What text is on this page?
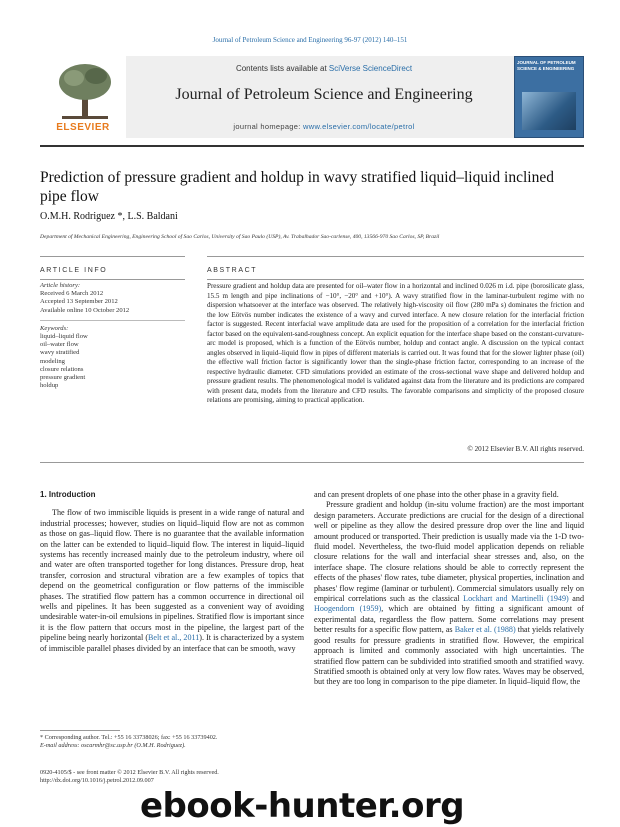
Journal of Petroleum Science and Engineering 96-97 (2012) 140–151
ELSEVIER
Contents lists available at SciVerse ScienceDirect
Journal of Petroleum Science and Engineering
journal homepage: www.elsevier.com/locate/petrol
JOURNAL OF PETROLEUM SCIENCE & ENGINEERING
Prediction of pressure gradient and holdup in wavy stratified liquid–liquid inclined pipe flow
O.M.H. Rodriguez *, L.S. Baldani
Department of Mechanical Engineering, Engineering School of Sao Carlos, University of Sao Paulo (USP), Av. Trabalhador Sao-carlense, 400, 13566-970 Sao Carlos, SP, Brazil
ARTICLE INFO	ABSTRACT
Article history:
Received 6 March 2012
Accepted 13 September 2012
Available online 10 October 2012
Keywords:
liquid–liquid flow
oil–water flow
wavy stratified
modeling
closure relations
pressure gradient
holdup
Pressure gradient and holdup data are presented for oil–water flow in a horizontal and inclined 0.026 m i.d. pipe (borosilicate glass, 15.5 m length and pipe inclinations of −10°, −20° and +10°). A wavy stratified flow in the laminar-turbulent regime with no dispersion whatsoever at the interface was observed. The relatively high-viscosity oil flow (280 mPa s) dominates the friction and the low Eötvös number indicates the existence of a wavy and curved interface. A new closure relation for the interfacial friction factor is suggested. Recent interfacial wave amplitude data are used for the proposition of a correlation for the interfacial friction factor based on the equivalent-sand-roughness concept. An explicit equation for the interface shape based on the constant-curvature-arc model is proposed, which is a function of the Eötvös number, holdup and contact angle. A discussion on the typical contact angles observed in liquid–liquid flow in pipes of different materials is carried out. It was found that for the slower lighter phase (oil) the effective wall friction factor is significantly lower than the single-phase friction factor, corresponding to an increase of the respective hydraulic diameter. CFD simulations provided an estimate of the cross-sectional wave shape and delivered holdup and pressure gradient results. The phenomenological model is validated against data from the literature and its predictions are compared with present data, models from the literature and CFD results. The favorable comparisons and simplicity of the proposed closure relations are promising, aiming to practical application.
© 2012 Elsevier B.V. All rights reserved.
1. Introduction

The flow of two immiscible liquids is present in a wide range of natural and industrial processes; however, studies on liquid–liquid flow are not as common as those on gas–liquid flow. There is no guarantee that the available information on the latter can be extended to liquid–liquid flow. The interest in liquid–liquid systems has recently increased mainly due to the petroleum industry, where oil and water are often transported together for long distances. Pressure drop, heat transfer, corrosion and structural vibration are a few examples of topics that depend on the geometrical configuration or flow patterns of the immiscible phases. The stratified flow pattern has a common occurrence in directional oil wells and pipelines. It has been suggested as a convenient way of avoiding undesirable water-in-oil emulsions in pipelines. Stratified flow is important since it is the flow pattern that occurs most in the pipeline, the largest part of the pipeline being nearly horizontal (Belt et al., 2011). It is characterized by a system of immiscible parallel phases divided by an interface that can be smooth, wavy

and can present droplets of one phase into the other phase in a gravity field.

Pressure gradient and holdup (in-situ volume fraction) are the most important design parameters. Accurate predictions are crucial for the design of a directional well or pipeline as they allow the desired pressure drop over the line and liquid amount produced or transported. Their prediction is usually made via the 1-D two-fluid model. Nevertheless, the two-fluid model application depends on reliable closure relations for the wall and interfacial shear stresses and, also, on the interface shape. The closure relations should be able to correctly represent the effects of the phases' flow rates, tube diameter, physical properties, inclination and phases' flow regime (laminar or turbulent). Commercial simulators usually rely on empirical correlations such as the classical Lockhart and Martinelli (1949) and Hoogendorn (1959), which are obtained by fitting a significant amount of experimental data, regardless the flow pattern. Some correlations may present better results for a specific flow pattern, as Baker et al. (1988) that yields relatively good results for pressure gradients in stratified flow. However, the empirical approach is limited and commonly associated with high uncertainties. The stratified flow pattern can be subdivided into stratified smooth and stratified wavy. Stratified smooth is obtained only at very low flow rates. Waves may be observed, but they are too long in comparison to the pipe diameter. In liquid–liquid flow, the

* Corresponding author. Tel.: +55 16 33738026; fax: +55 16 33739402.
E-mail address: oscarmhr@sc.usp.br (O.M.H. Rodriguez).
0920-4105/$ - see front matter © 2012 Elsevier B.V. All rights reserved.
http://dx.doi.org/10.1016/j.petrol.2012.09.007
ebook-hunter.org
